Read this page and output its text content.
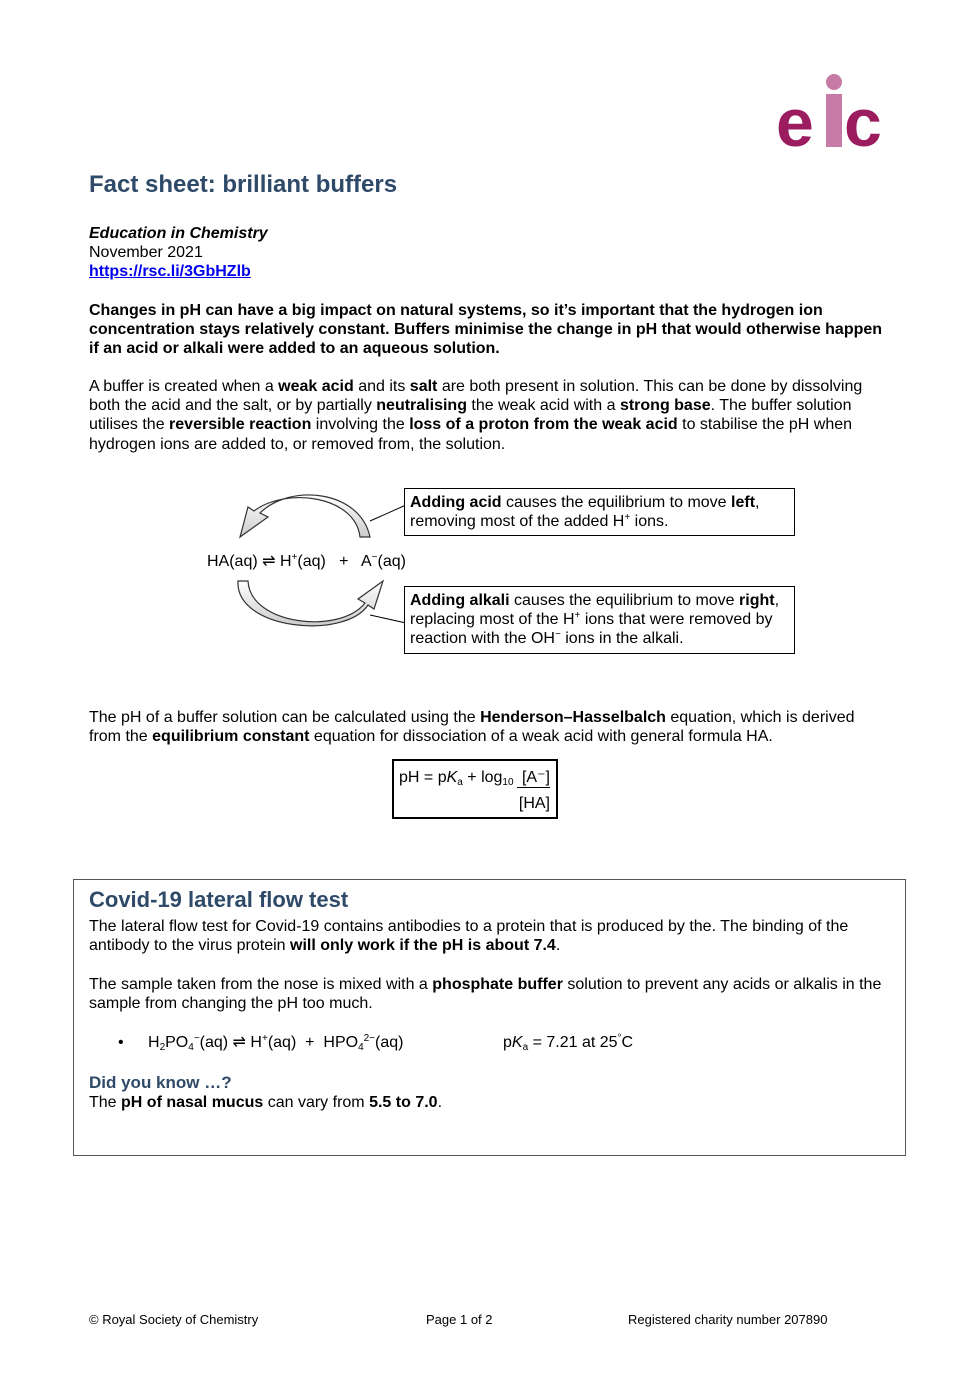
e c
Fact sheet: brilliant buffers
Education in Chemistry
November 2021
https://rsc.li/3GbHZlb
Changes in pH can have a big impact on natural systems, so it’s important that the hydrogen ion concentration stays relatively constant. Buffers minimise the change in pH that would otherwise happen if an acid or alkali were added to an aqueous solution.
A buffer is created when a weak acid and its salt are both present in solution. This can be done by dissolving both the acid and the salt, or by partially neutralising the weak acid with a strong base. The buffer solution utilises the reversible reaction involving the loss of a proton from the weak acid to stabilise the pH when hydrogen ions are added to, or removed from, the solution.
HA(aq) ⇌ H+(aq)   +   A−(aq)
Adding acid causes the equilibrium to move left, removing most of the added H+ ions.
Adding alkali causes the equilibrium to move right, replacing most of the H+ ions that were removed by reaction with the OH− ions in the alkali.
The pH of a buffer solution can be calculated using the Henderson–Hasselbalch equation, which is derived from the equilibrium constant equation for dissociation of a weak acid with general formula HA.
pH = $pK_a + \log_{10} [A^-]$
[HA]
Covid-19 lateral flow test
The lateral flow test for Covid-19 contains antibodies to a protein that is produced by the. The binding of the antibody to the virus protein will only work if the pH is about 7.4.
The sample taken from the nose is mixed with a phosphate buffer solution to prevent any acids or alkalis in the sample from changing the pH too much.
• $H_2PO_4^-(aq)$ ⇌ $H^+(aq) + HPO_4^{2-}(aq)$	$pK_a = 7.21$ at 25°C
Did you know …?
The pH of nasal mucus can vary from 5.5 to 7.0.
© Royal Society of Chemistry	Page 1 of 2	Registered charity number 207890
